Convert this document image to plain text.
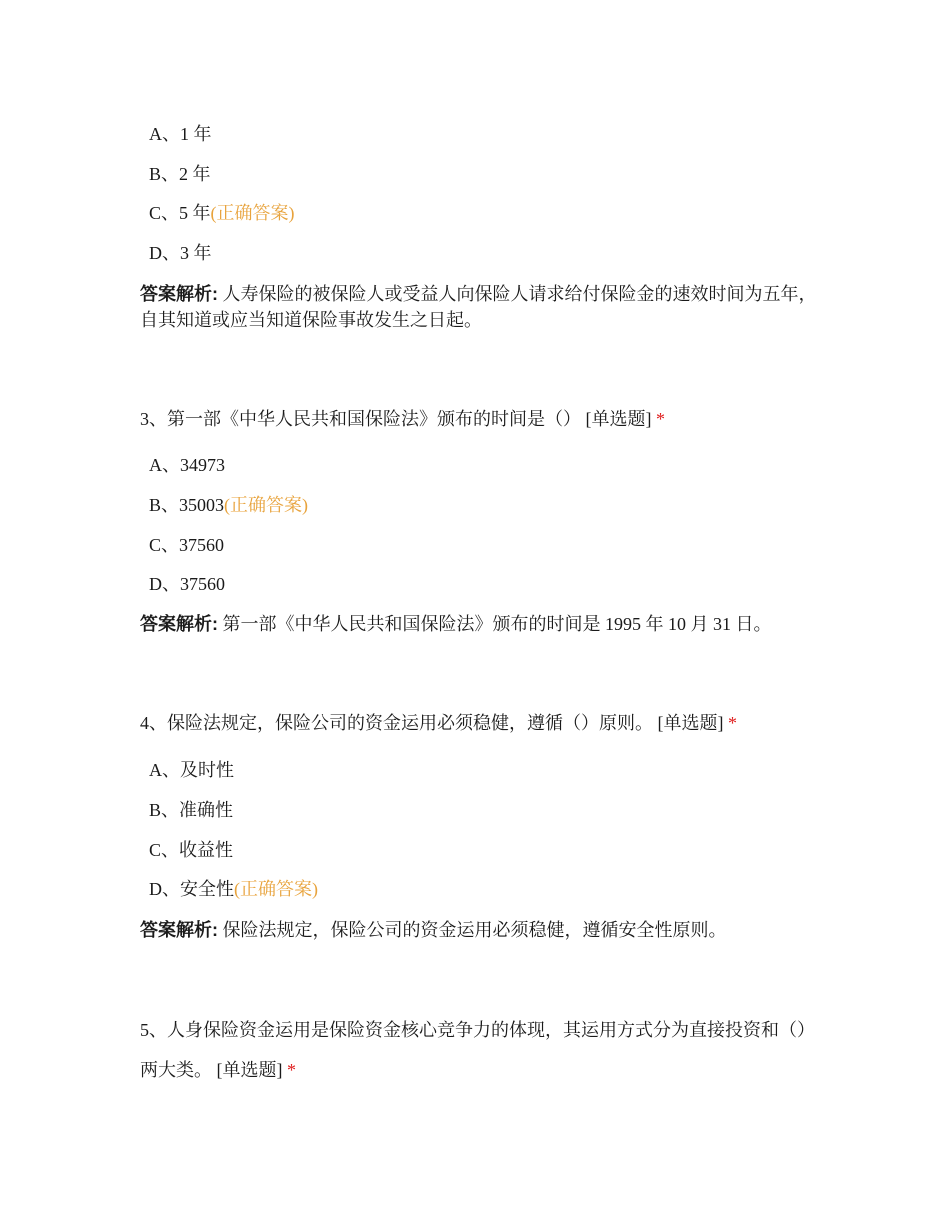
A、1 年
B、2 年
C、5 年(正确答案)
D、3 年
答案解析: 人寿保险的被保险人或受益人向保险人请求给付保险金的速效时间为五年，自其知道或应当知道保险事故发生之日起。
3、第一部《中华人民共和国保险法》颁布的时间是（） [单选题] *
A、34973
B、35003(正确答案)
C、37560
D、37560
答案解析: 第一部《中华人民共和国保险法》颁布的时间是 1995 年 10 月 31 日。
4、保险法规定，保险公司的资金运用必须稳健，遵循（）原则。 [单选题] *
A、及时性
B、准确性
C、收益性
D、安全性(正确答案)
答案解析: 保险法规定，保险公司的资金运用必须稳健，遵循安全性原则。
5、人身保险资金运用是保险资金核心竞争力的体现，其运用方式分为直接投资和（）两大类。 [单选题] *
